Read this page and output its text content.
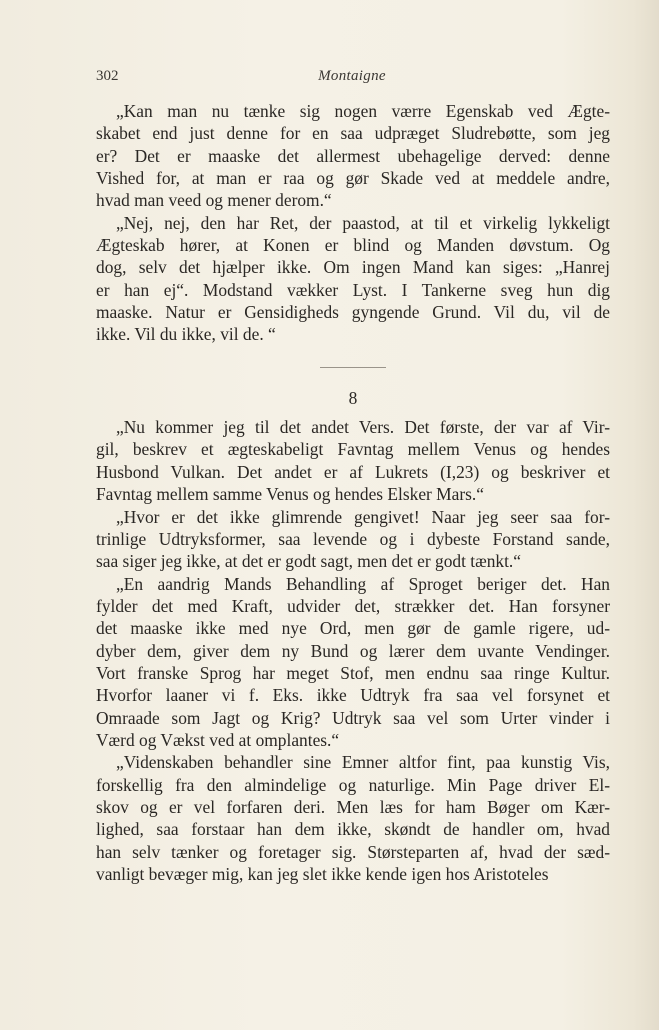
302	Montaigne
„Kan man nu tænke sig nogen værre Egenskab ved Ægte-
skabet end just denne for en saa udpræget Sludrebøtte, som jeg
er? Det er maaske det allermest ubehagelige derved: denne
Vished for, at man er raa og gør Skade ved at meddele andre,
hvad man veed og mener derom.“
„Nej, nej, den har Ret, der paastod, at til et virkelig lykkeligt
Ægteskab hører, at Konen er blind og Manden døvstum. Og
dog, selv det hjælper ikke. Om ingen Mand kan siges: „Hanrej
er han ej“. Modstand vækker Lyst. I Tankerne sveg hun dig
maaske. Natur er Gensidigheds gyngende Grund. Vil du, vil de
ikke. Vil du ikke, vil de. “
8
„Nu kommer jeg til det andet Vers. Det første, der var af Vir-
gil, beskrev et ægteskabeligt Favntag mellem Venus og hendes
Husbond Vulkan. Det andet er af Lukrets (I,23) og beskriver et
Favntag mellem samme Venus og hendes Elsker Mars.“
„Hvor er det ikke glimrende gengivet! Naar jeg seer saa for-
trinlige Udtryksformer, saa levende og i dybeste Forstand sande,
saa siger jeg ikke, at det er godt sagt, men det er godt tænkt.“
„En aandrig Mands Behandling af Sproget beriger det. Han
fylder det med Kraft, udvider det, strækker det. Han forsyner
det maaske ikke med nye Ord, men gør de gamle rigere, ud-
dyber dem, giver dem ny Bund og lærer dem uvante Vendinger.
Vort franske Sprog har meget Stof, men endnu saa ringe Kultur.
Hvorfor laaner vi f. Eks. ikke Udtryk fra saa vel forsynet et
Omraade som Jagt og Krig? Udtryk saa vel som Urter vinder i
Værd og Vækst ved at omplantes.“
„Videnskaben behandler sine Emner altfor fint, paa kunstig Vis,
forskellig fra den almindelige og naturlige. Min Page driver El-
skov og er vel forfaren deri. Men læs for ham Bøger om Kær-
lighed, saa forstaar han dem ikke, skøndt de handler om, hvad
han selv tænker og foretager sig. Størsteparten af, hvad der sæd-
vanligt bevæger mig, kan jeg slet ikke kende igen hos Aristoteles
